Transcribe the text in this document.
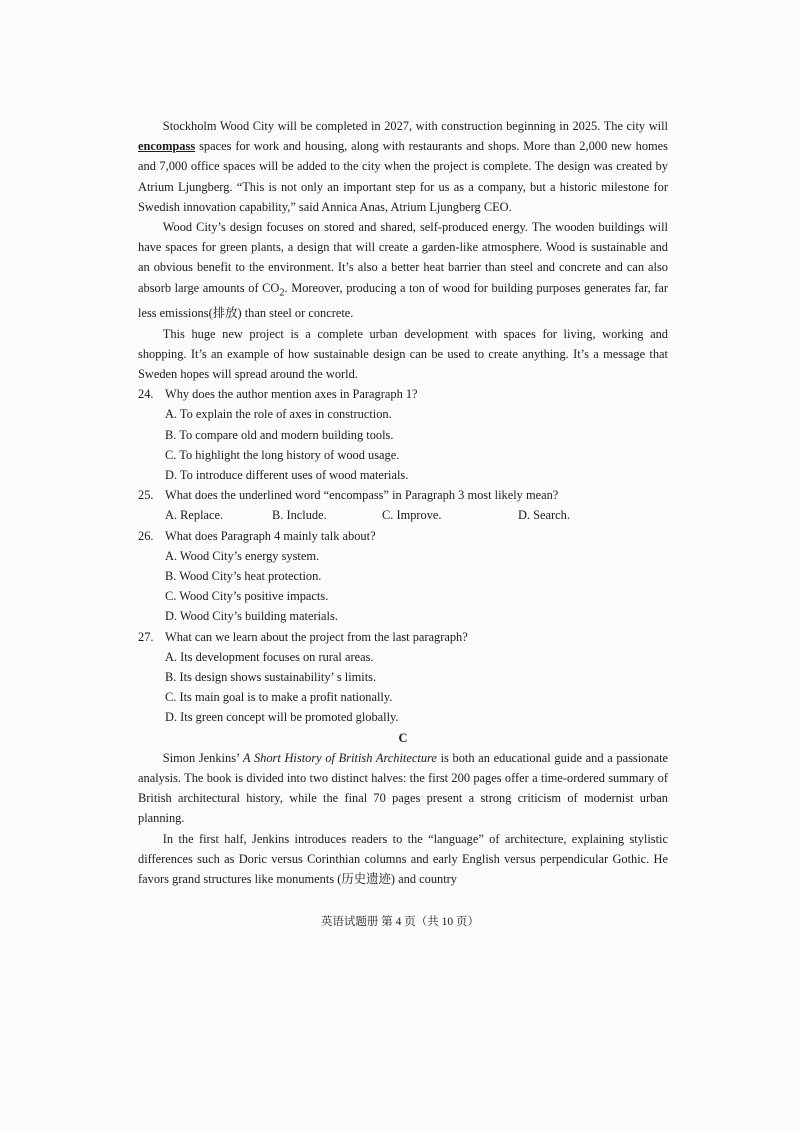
Stockholm Wood City will be completed in 2027, with construction beginning in 2025. The city will encompass spaces for work and housing, along with restaurants and shops. More than 2,000 new homes and 7,000 office spaces will be added to the city when the project is complete. The design was created by Atrium Ljungberg. “This is not only an important step for us as a company, but a historic milestone for Swedish innovation capability,” said Annica Anas, Atrium Ljungberg CEO.

Wood City’s design focuses on stored and shared, self-produced energy. The wooden buildings will have spaces for green plants, a design that will create a garden-like atmosphere. Wood is sustainable and an obvious benefit to the environment. It’s also a better heat barrier than steel and concrete and can also absorb large amounts of $CO_2$. Moreover, producing a ton of wood for building purposes generates far, far less emissions(排放) than steel or concrete.

This huge new project is a complete urban development with spaces for living, working and shopping. It’s an example of how sustainable design can be used to create anything. It’s a message that Sweden hopes will spread around the world.

24. Why does the author mention axes in Paragraph 1?
A. To explain the role of axes in construction.
B. To compare old and modern building tools.
C. To highlight the long history of wood usage.
D. To introduce different uses of wood materials.
25. What does the underlined word “encompass” in Paragraph 3 most likely mean?
A. Replace.	B. Include.	C. Improve.	D. Search.
26. What does Paragraph 4 mainly talk about?
A. Wood City’s energy system.
B. Wood City’s heat protection.
C. Wood City’s positive impacts.
D. Wood City’s building materials.
27. What can we learn about the project from the last paragraph?
A. Its development focuses on rural areas.
B. Its design shows sustainability’ s limits.
C. Its main goal is to make a profit nationally.
D. Its green concept will be promoted globally.
C

Simon Jenkins’ A Short History of British Architecture is both an educational guide and a passionate analysis. The book is divided into two distinct halves: the first 200 pages offer a time-ordered summary of British architectural history, while the final 70 pages present a strong criticism of modernist urban planning.

In the first half, Jenkins introduces readers to the “language” of architecture, explaining stylistic differences such as Doric versus Corinthian columns and early English versus perpendicular Gothic. He favors grand structures like monuments (历史遗迹) and country

英语试题册 第 4 页（共 10 页）
